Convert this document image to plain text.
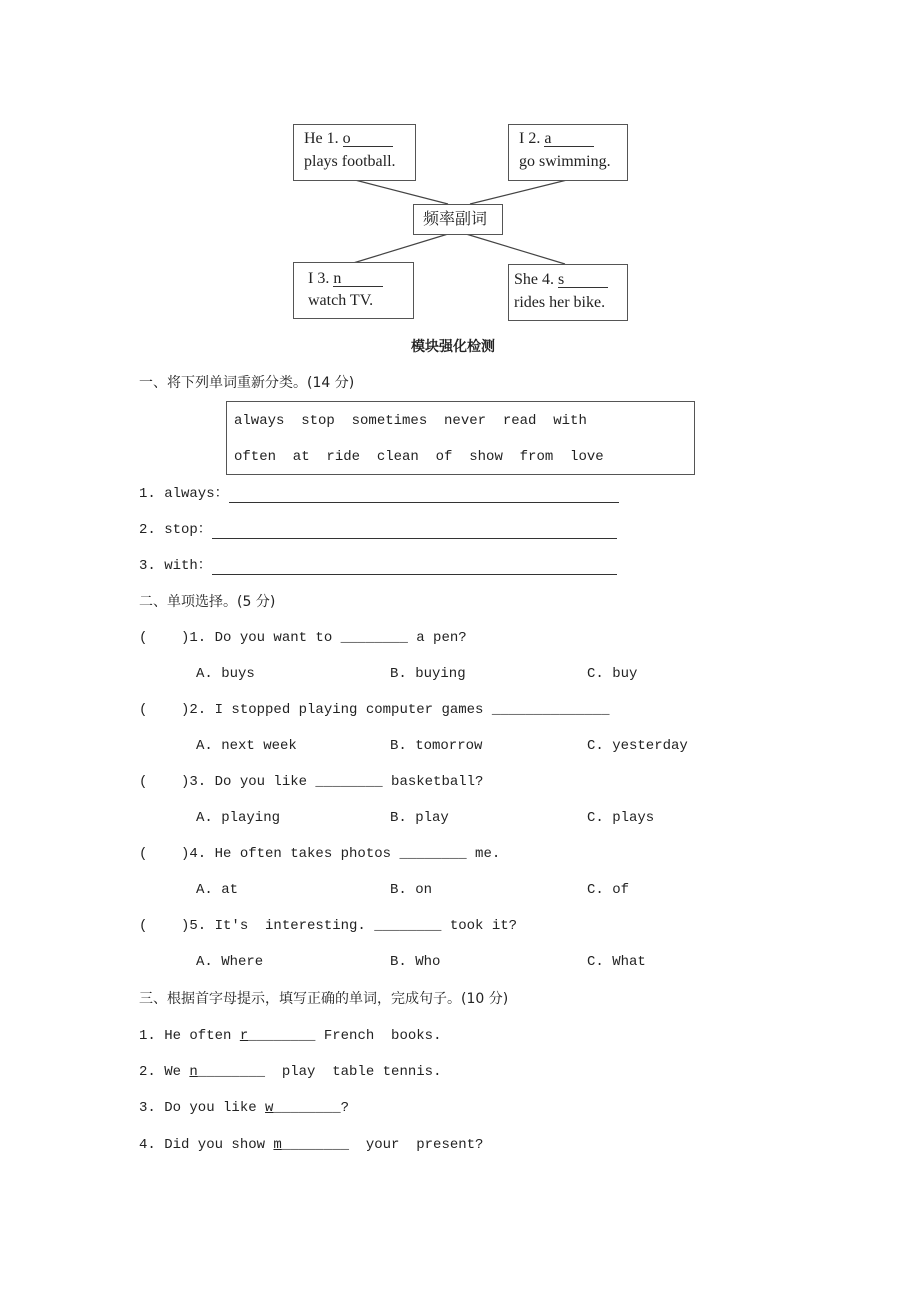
He 1. o
plays football.
I 2. a
go swimming.
频率副词
I 3. n
watch TV.
She 4. s
rides her bike.
模块强化检测
一、将下列单词重新分类。(14 分)
always  stop  sometimes  never  read  with
often  at  ride  clean  of  show  from  love
1. always：
2. stop：
3. with：
二、单项选择。(5 分)
(    )1. Do you want to ________ a pen?
A. buys	B. buying	C. buy
(    )2. I stopped playing computer games ______________
A. next week	B. tomorrow	C. yesterday
(    )3. Do you like ________ basketball?
A. playing	B. play	C. plays
(    )4. He often takes photos ________ me.
A. at	B. on	C. of
(    )5. It's  interesting. ________ took it?
A. Where	B. Who	C. What
三、根据首字母提示，填写正确的单词，完成句子。(10 分)
1. He often r________ French  books.
2. We n________  play  table tennis.
3. Do you like w________?
4. Did you show m________  your  present?
